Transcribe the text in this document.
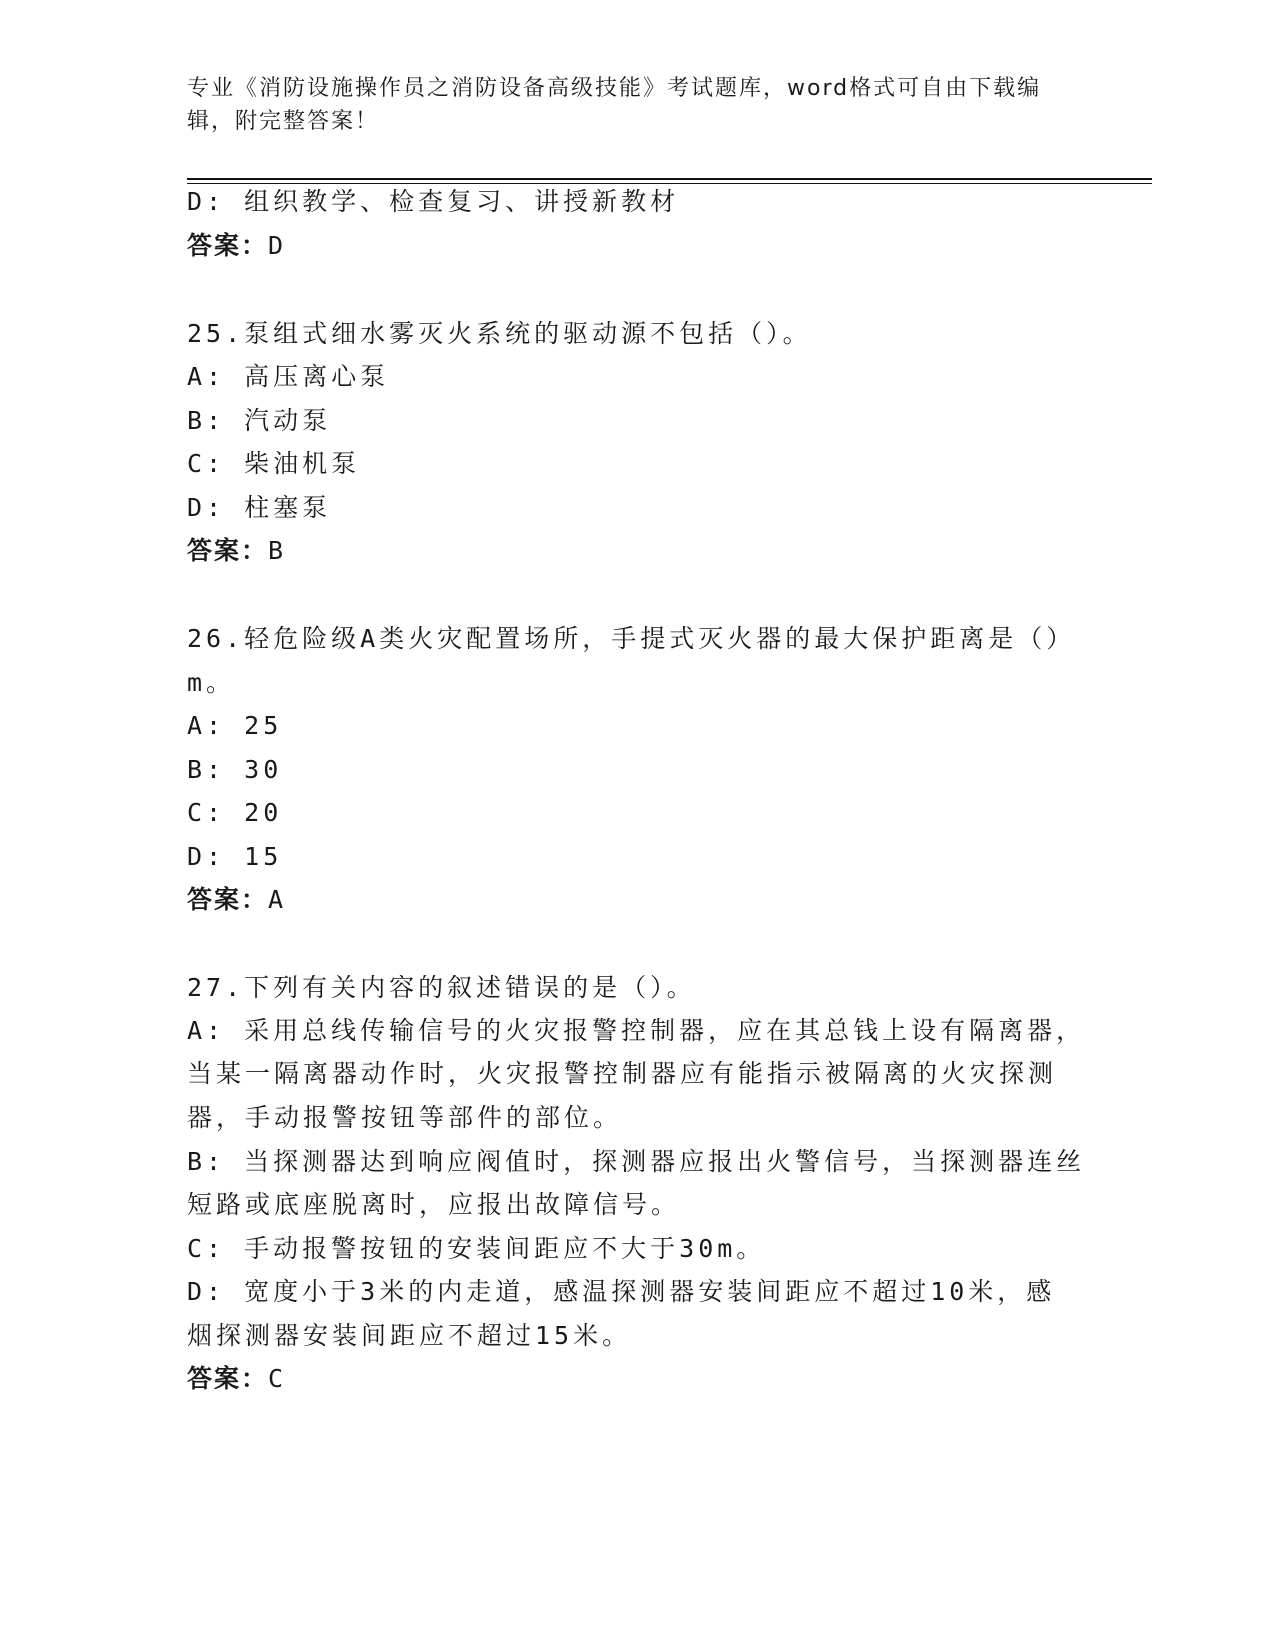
专业《消防设施操作员之消防设备高级技能》考试题库，word格式可自由下载编辑，附完整答案！
D: 组织教学、检查复习、讲授新教材
答案：D
25.泵组式细水雾灭火系统的驱动源不包括（）。
A: 高压离心泵
B: 汽动泵
C: 柴油机泵
D: 柱塞泵
答案：B
26.轻危险级A类火灾配置场所，手提式灭火器的最大保护距离是（）
m。
A: 25
B: 30
C: 20
D: 15
答案：A
27.下列有关内容的叙述错误的是（）。
A: 采用总线传输信号的火灾报警控制器，应在其总钱上设有隔离器，
当某一隔离器动作时，火灾报警控制器应有能指示被隔离的火灾探测
器，手动报警按钮等部件的部位。
B: 当探测器达到响应阀值时，探测器应报出火警信号，当探测器连丝
短路或底座脱离时，应报出故障信号。
C: 手动报警按钮的安装间距应不大于30m。
D: 宽度小于3米的内走道，感温探测器安装间距应不超过10米，感
烟探测器安装间距应不超过15米。
答案：C
